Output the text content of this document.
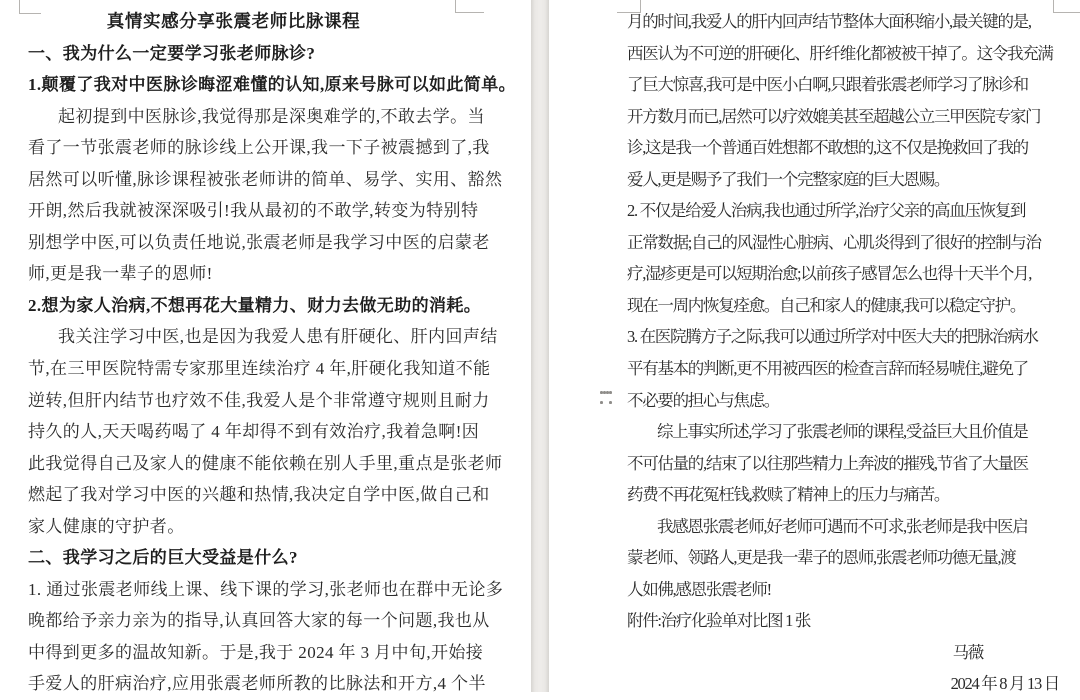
真情实感分享张震老师比脉课程
一、我为什么一定要学习张老师脉诊?
1.颠覆了我对中医脉诊晦涩难懂的认知,原来号脉可以如此简单。
起初提到中医脉诊,我觉得那是深奥难学的,不敢去学。当
看了一节张震老师的脉诊线上公开课,我一下子被震撼到了,我
居然可以听懂,脉诊课程被张老师讲的简单、易学、实用、豁然
开朗,然后我就被深深吸引!我从最初的不敢学,转变为特别特
别想学中医,可以负责任地说,张震老师是我学习中医的启蒙老
师,更是我一辈子的恩师!
2.想为家人治病,不想再花大量精力、财力去做无助的消耗。
我关注学习中医,也是因为我爱人患有肝硬化、肝内回声结
节,在三甲医院特需专家那里连续治疗 4 年,肝硬化我知道不能
逆转,但肝内结节也疗效不佳,我爱人是个非常遵守规则且耐力
持久的人,天天喝药喝了 4 年却得不到有效治疗,我着急啊!因
此我觉得自己及家人的健康不能依赖在别人手里,重点是张老师
燃起了我对学习中医的兴趣和热情,我决定自学中医,做自己和
家人健康的守护者。
二、我学习之后的巨大受益是什么?
1. 通过张震老师线上课、线下课的学习,张老师也在群中无论多
晚都给予亲力亲为的指导,认真回答大家的每一个问题,我也从
中得到更多的温故知新。于是,我于 2024 年 3 月中旬,开始接
手爱人的肝病治疗,应用张震老师所教的比脉法和开方,4 个半
月的时间,我爱人的肝内回声结节整体大面积缩小,最关键的是,
西医认为不可逆的肝硬化、肝纤维化都被被干掉了。这令我充满
了巨大惊喜,我可是中医小白啊,只跟着张震老师学习了脉诊和
开方数月而已,居然可以疗效媲美甚至超越公立三甲医院专家门
诊,这是我一个普通百姓想都不敢想的,这不仅是挽救回了我的
爱人,更是赐予了我们一个完整家庭的巨大恩赐。
2. 不仅是给爱人治病,我也通过所学,治疗父亲的高血压恢复到
正常数据;自己的风湿性心脏病、心肌炎得到了很好的控制与治
疗,湿疹更是可以短期治愈;以前孩子感冒怎么也得十天半个月,
现在一周内恢复痊愈。自己和家人的健康,我可以稳定守护。
3. 在医院腾方子之际,我可以通过所学对中医大夫的把脉治病水
平有基本的判断,更不用被西医的检查言辞而轻易唬住,避免了
不必要的担心与焦虑。
综上事实所述,学习了张震老师的课程,受益巨大且价值是
不可估量的,结束了以往那些精力上奔波的摧残,节省了大量医
药费不再花冤枉钱,救赎了精神上的压力与痛苦。
我感恩张震老师,好老师可遇而不可求,张老师是我中医启
蒙老师、领路人,更是我一辈子的恩师,张震老师功德无量,渡
人如佛,感恩张震老师!
附件:治疗化验单对比图 1 张
马薇
2024 年 8 月 13 日
